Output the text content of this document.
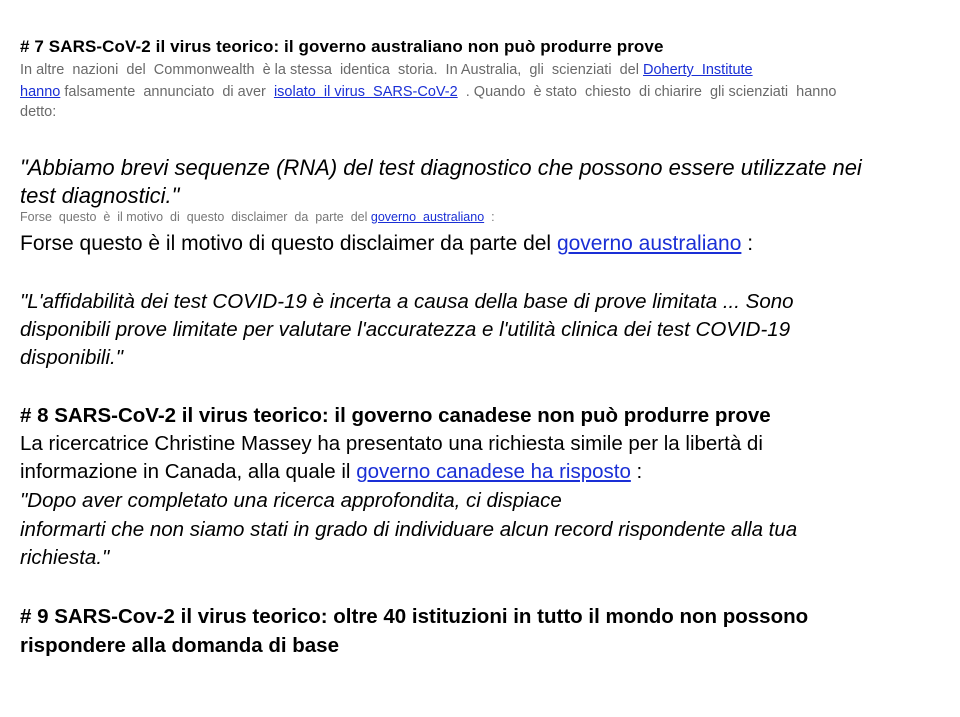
# 7 SARS-CoV-2 il virus teorico: il governo australiano non può produrre prove
In altre  nazioni  del  Commonwealth  è la stessa  identica  storia.  In Australia,  gli  scienziati  del Doherty  Institute
hanno falsamente  annunciato  di aver  isolato  il virus  SARS-CoV-2  . Quando  è stato  chiesto  di chiarire  gli scienziati  hanno
detto:
"Abbiamo brevi sequenze (RNA) del test diagnostico che possono essere utilizzate nei
test diagnostici."
Forse  questo  è  il motivo  di  questo  disclaimer  da  parte  del governo  australiano  :
Forse questo è il motivo di questo disclaimer da parte del governo australiano :
"L'affidabilità dei test COVID-19 è incerta a causa della base di prove limitata ... Sono
disponibili prove limitate per valutare l'accuratezza e l'utilità clinica dei test COVID-19
disponibili."
# 8 SARS-CoV-2 il virus teorico: il governo canadese non può produrre prove
La ricercatrice Christine Massey ha presentato una richiesta simile per la libertà di
informazione in Canada, alla quale il governo canadese ha risposto :
"Dopo aver completato una ricerca approfondita, ci dispiace
informarti che non siamo stati in grado di individuare alcun record rispondente alla tua
richiesta."
# 9 SARS-Cov-2 il virus teorico: oltre 40 istituzioni in tutto il mondo non possono
rispondere alla domanda di base
